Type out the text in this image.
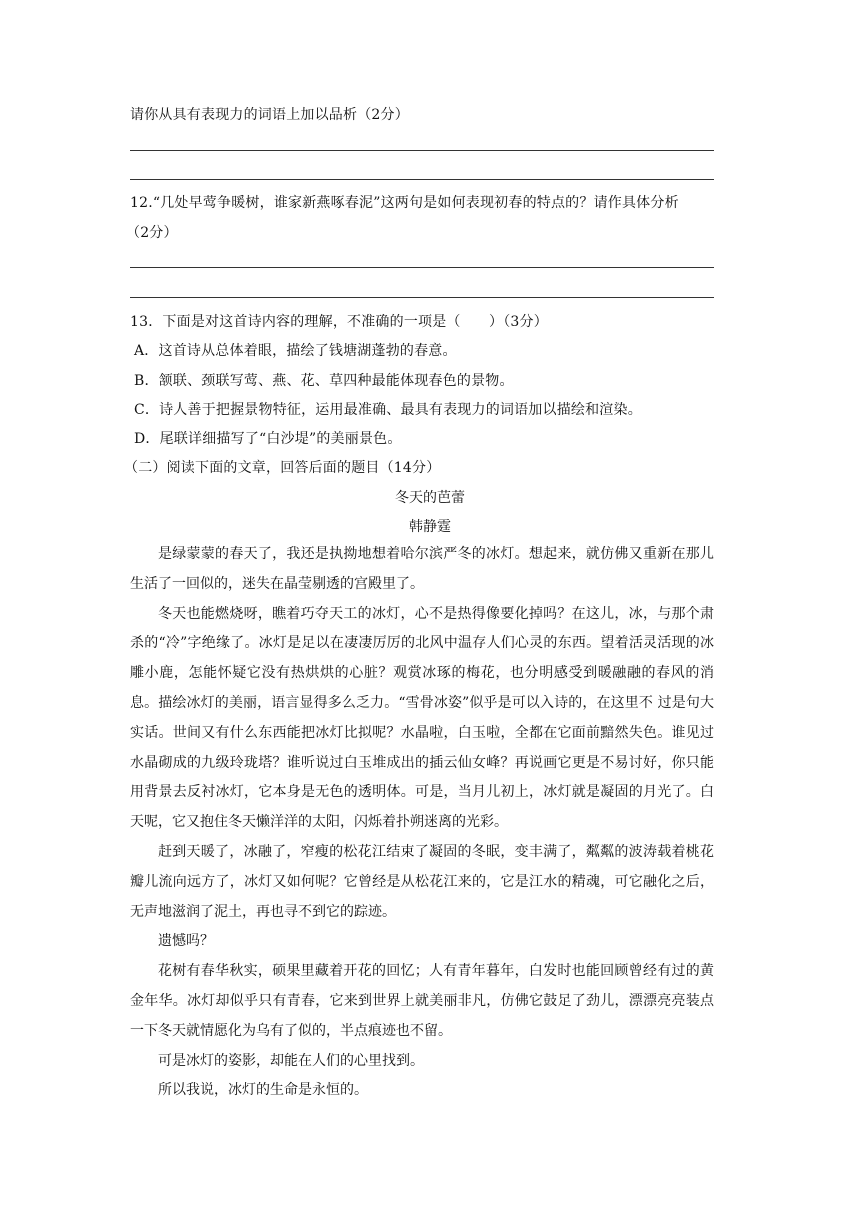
请你从具有表现力的词语上加以品析（2分）
12.“几处早莺争暖树，谁家新燕啄春泥”这两句是如何表现初春的特点的？请作具体分析
（2分）
13．下面是对这首诗内容的理解，不准确的一项是（　　）（3分）
A．这首诗从总体着眼，描绘了钱塘湖蓬勃的春意。
B．颔联、颈联写莺、燕、花、草四种最能体现春色的景物。
C．诗人善于把握景物特征，运用最准确、最具有表现力的词语加以描绘和渲染。
D．尾联详细描写了“白沙堤”的美丽景色。
（二）阅读下面的文章，回答后面的题目（14分）
冬天的芭蕾
韩静霆

是绿蒙蒙的春天了，我还是执拗地想着哈尔滨严冬的冰灯。想起来，就仿佛又重新在那儿生活了一回似的，迷失在晶莹剔透的宫殿里了。

冬天也能燃烧呀，瞧着巧夺天工的冰灯，心不是热得像要化掉吗？在这儿，冰，与那个肃杀的“冷”字绝缘了。冰灯是足以在凄凄厉厉的北风中温存人们心灵的东西。望着活灵活现的冰雕小鹿，怎能怀疑它没有热烘烘的心脏？观赏冰琢的梅花，也分明感受到暖融融的春风的消息。描绘冰灯的美丽，语言显得多么乏力。“雪骨冰姿”似乎是可以入诗的，在这里不 过是句大实话。世间又有什么东西能把冰灯比拟呢？水晶啦，白玉啦，全都在它面前黯然失色。谁见过水晶砌成的九级玲珑塔？谁听说过白玉堆成出的插云仙女峰？再说画它更是不易讨好，你只能用背景去反衬冰灯，它本身是无色的透明体。可是，当月儿初上，冰灯就是凝固的月光了。白天呢，它又抱住冬天懒洋洋的太阳，闪烁着扑朔迷离的光彩。

赶到天暖了，冰融了，窄瘦的松花江结束了凝固的冬眠，变丰满了，粼粼的波涛载着桃花瓣儿流向远方了，冰灯又如何呢？它曾经是从松花江来的，它是江水的精魂，可它融化之后，无声地滋润了泥土，再也寻不到它的踪迹。

遗憾吗？

花树有春华秋实，硕果里藏着开花的回忆；人有青年暮年，白发时也能回顾曾经有过的黄金年华。冰灯却似乎只有青春，它来到世界上就美丽非凡，仿佛它鼓足了劲儿，漂漂亮亮装点一下冬天就情愿化为乌有了似的，半点痕迹也不留。

可是冰灯的姿影，却能在人们的心里找到。

所以我说，冰灯的生命是永恒的。
